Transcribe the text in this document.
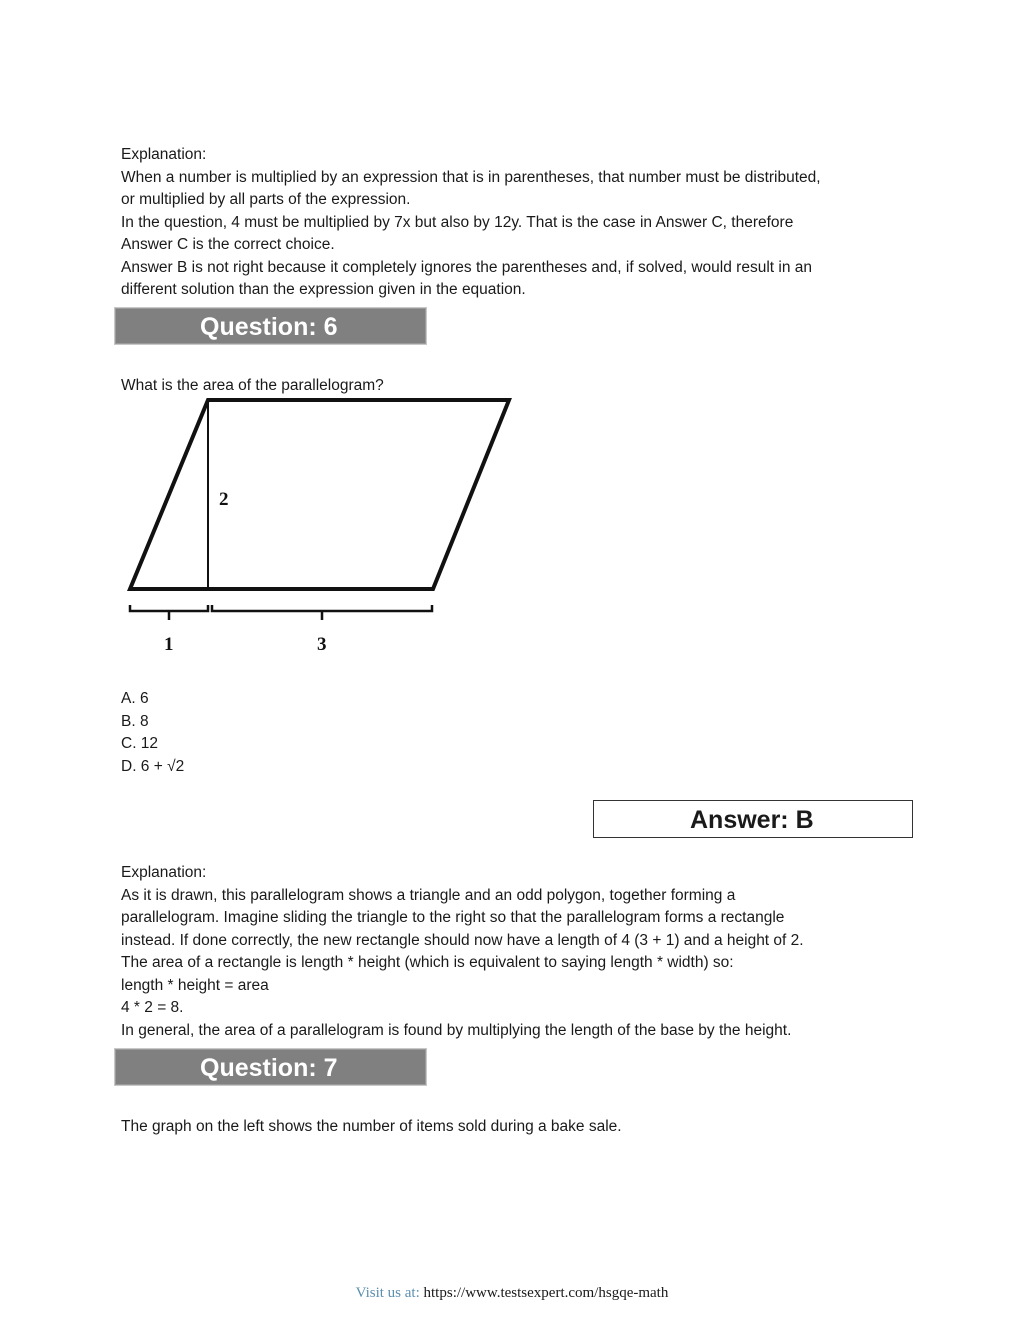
Explanation:
When a number is multiplied by an expression that is in parentheses, that number must be distributed,
or multiplied by all parts of the expression.
In the question, 4 must be multiplied by 7x but also by 12y. That is the case in Answer C, therefore
Answer C is the correct choice.
Answer B is not right because it completely ignores the parentheses and, if solved, would result in an
different solution than the expression given in the equation.
Question: 6
What is the area of the parallelogram?
2
1	3
A. 6
B. 8
C. 12
D. 6 + √2
Answer: B
Explanation:
As it is drawn, this parallelogram shows a triangle and an odd polygon, together forming a
parallelogram. Imagine sliding the triangle to the right so that the parallelogram forms a rectangle
instead. If done correctly, the new rectangle should now have a length of 4 (3 + 1) and a height of 2.
The area of a rectangle is length * height (which is equivalent to saying length * width) so:
length * height = area
4 * 2 = 8.
In general, the area of a parallelogram is found by multiplying the length of the base by the height.
Question: 7
The graph on the left shows the number of items sold during a bake sale.
Visit us at: https://www.testsexpert.com/hsgqe-math
